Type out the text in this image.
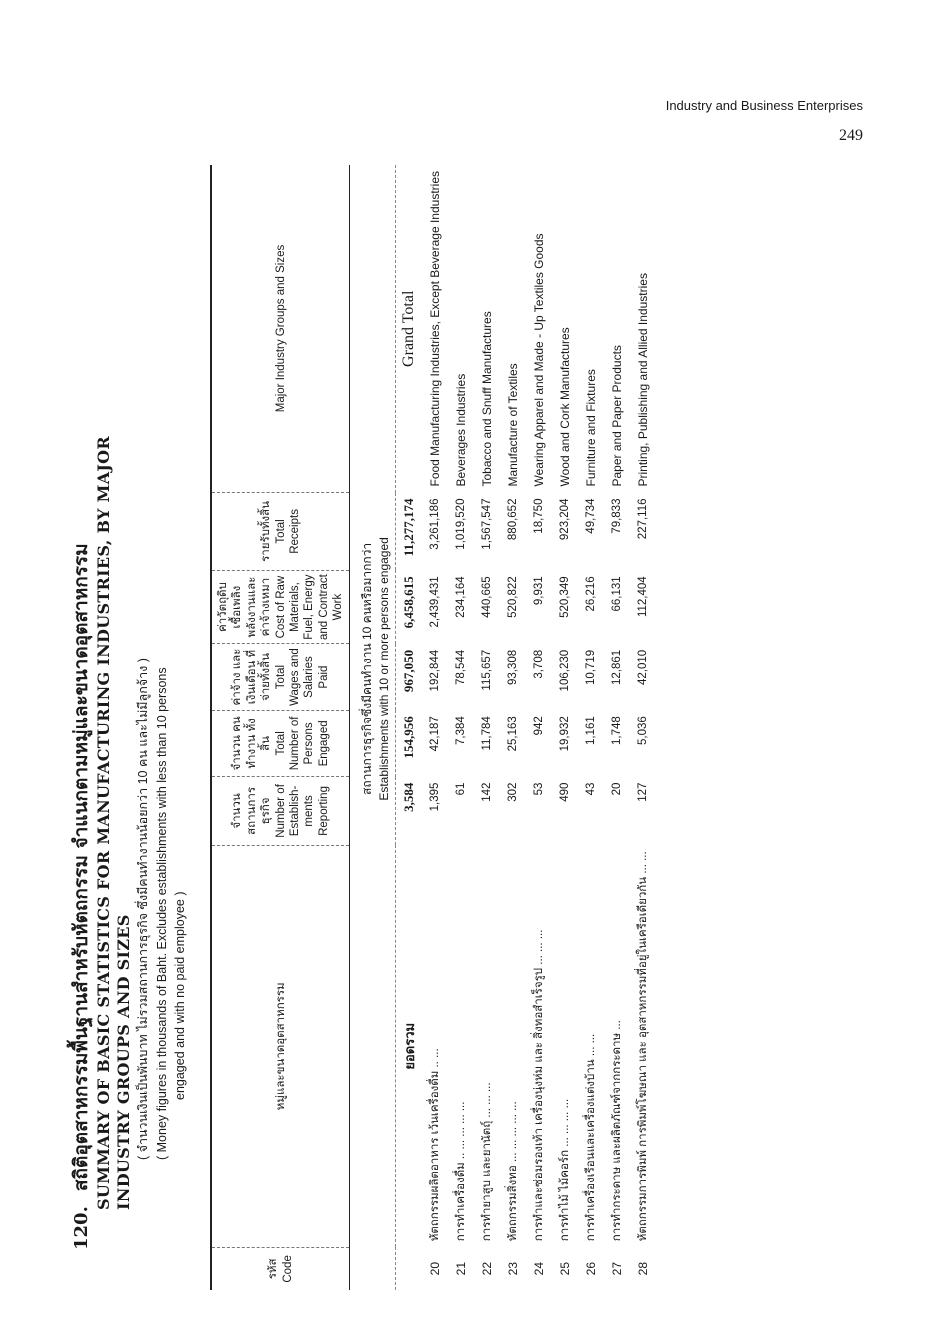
Industry and Business Enterprises
249

120. สถิติอุตสาหกรรมพื้นฐานสำหรับหัตถกรรม จำแนกตามหมู่และขนาดอุตสาหกรรม SUMMARY OF BASIC STATISTICS FOR MANUFACTURING INDUSTRIES, BY MAJOR INDUSTRY GROUPS AND SIZES ( จำนวนเงินเป็นพันบาท ไม่รวมสถานการธุรกิจ ซึ่งมีคนทำงานน้อยกว่า 10 คน และไม่มีลูกจ้าง ) ( Money figures in thousands of Baht. Excludes establishments with less than 10 persons engaged and with no paid employee )
รหัส Code	หมู่และขนาดอุตสาหกรรม	จำนวน สถานการ ธุรกิจ Number of Establish- ments Reporting	จำนวน คนทำงาน ทั้งสิ้น Total Number of Persons Engaged	ค่าจ้าง และเงินเดือน ที่จ่ายทั้งสิ้น Total Wages and Salaries Paid	ค่าวัตถุดิบ เชื้อเพลิง พลังงานและ ค่าจ้างเหมา Cost of Raw Materials, Fuel, Energy and Contract Work	รายรับทั้งสิ้น Total Receipts	Major Industry Groups and Sizes

		สถานการธุรกิจซึ่งมีคนทำงาน 10 คนหรือมากกว่า Establishments with 10 or more persons engaged					

	ยอดรวม	3,584	154,956	967,050	6,458,615	11,277,174	Grand Total
20	หัตถกรรมผลิตอาหาร เว้นเครื่องดื่ม .. ...	1,395	42,187	192,844	2,439,431	3,261,186	Food Manufacturing Industries, Except Beverage Industries
21	การทำเครื่องดื่ม .. ... ... ... ...	61	7,384	78,544	234,164	1,019,520	Beverages Industries
22	การทำยาสูบ และยานัตถุ์ ... ... ...	142	11,784	115,657	440,665	1,567,547	Tobacco and Snuff Manufactures
23	หัตถกรรมสิ่งทอ ... ... ... ... ...	302	25,163	93,308	520,822	880,652	Manufacture of Textiles
24	การทำและซ่อมรองเท้า เครื่องนุ่งห่ม และ สิ่งทอสำเร็จรูป ... ... ...	53	942	3,708	9,931	18,750	Wearing Apparel and Made - Up Textiles Goods
25	การทำไม้ ไม้คอร์ก ... ... ... ...	490	19,932	106,230	520,349	923,204	Wood and Cork Manufactures
26	การทำเครื่องเรือนและเครื่องแต่งบ้าน ... ...	43	1,161	10,719	26,216	49,734	Furniture and Fixtures
27	การทำกระดาษ และผลิตภัณฑ์จากกระดาษ ...	20	1,748	12,861	66,131	79,833	Paper and Paper Products
28	หัตถกรรมการพิมพ์ การพิมพ์โฆษณา และ อุตสาหกรรมที่อยู่ในเครือเดียวกัน ... ...	127	5,036	42,010	112,404	227,116	Printing, Publishing and Allied Industries
